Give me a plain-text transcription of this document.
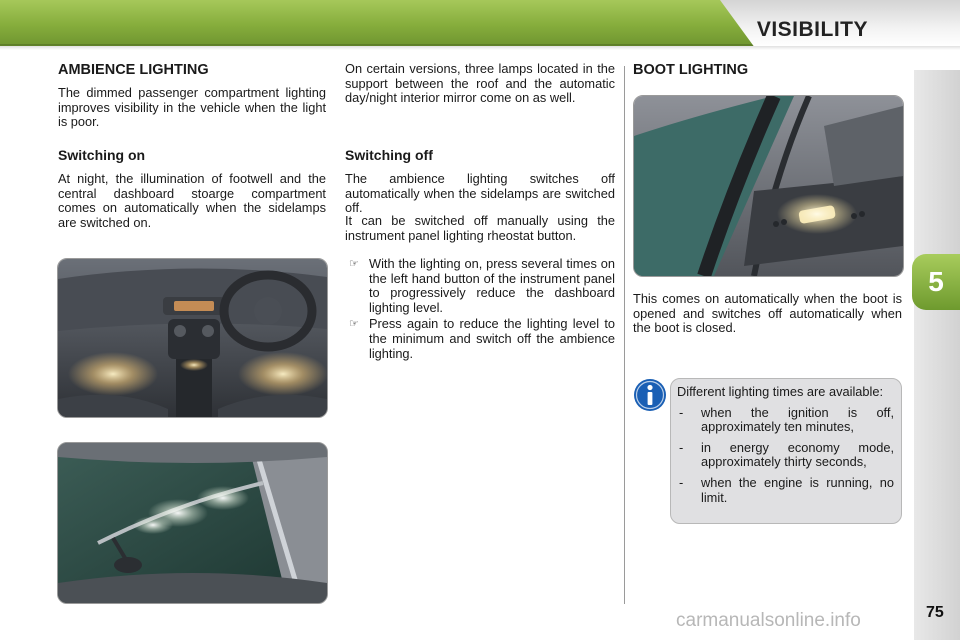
VISIBILITY
5
AMBIENCE LIGHTING

The dimmed passenger compartment lighting improves visibility in the vehicle when the light is poor.

Switching on

At night, the illumination of footwell and the central dashboard stoarge compartment comes on automatically when the sidelamps are switched on.

On certain versions, three lamps located in the support between the roof and the automatic day/night interior mirror come on as well.

Switching off

The ambience lighting switches off automatically when the sidelamps are switched off.

It can be switched off manually using the instrument panel lighting rheostat button.

☞ With the lighting on, press several times on the left hand button of the instrument panel to progressively reduce the dashboard lighting level.
☞ Press again to reduce the lighting level to the minimum and switch off the ambience lighting.
BOOT LIGHTING

This comes on automatically when the boot is opened and switches off automatically when the boot is closed.

Different lighting times are available:

- when the ignition is off, approximately ten minutes,
- in energy economy mode, approximately thirty seconds,
- when the engine is running, no limit.
carmanualsonline.info	75
